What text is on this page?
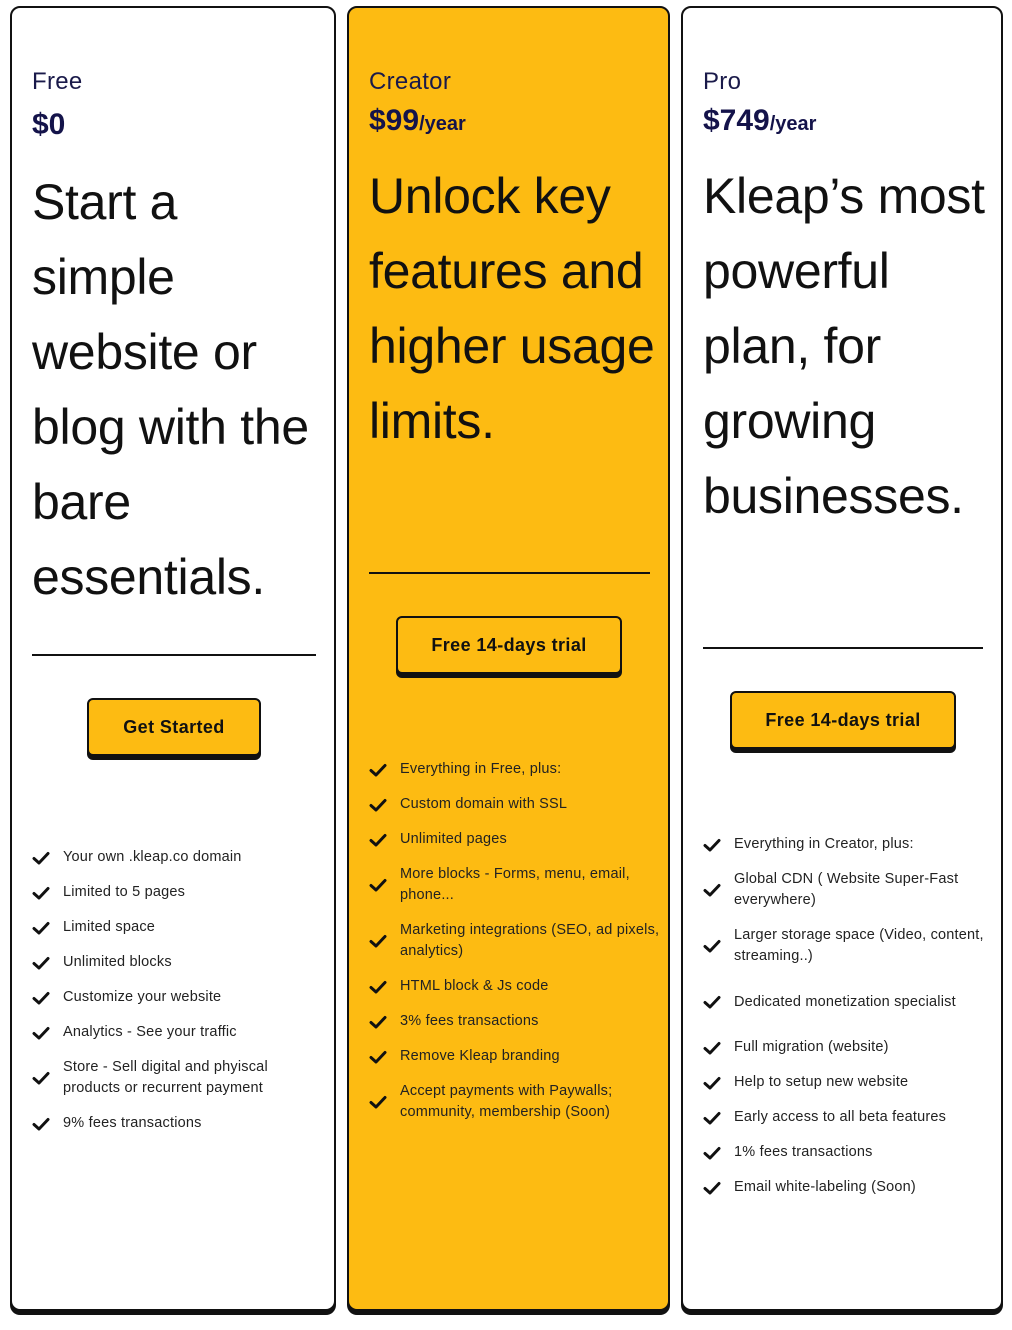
Free
$0
Start a simple website or blog with the bare essentials.
Get Started
Your own .kleap.co domain
Limited to 5 pages
Limited space
Unlimited blocks
Customize your website
Analytics - See your traffic
Store - Sell digital and phyiscal products or recurrent payment
9% fees transactions
Creator
$99/year
Unlock key features and higher usage limits.
Free 14-days trial
Everything in Free, plus:
Custom domain with SSL
Unlimited pages
More blocks - Forms, menu, email, phone...
Marketing integrations (SEO, ad pixels, analytics)
HTML block & Js code
3% fees transactions
Remove Kleap branding
Accept payments with Paywalls; community, membership (Soon)
Pro
$749/year
Kleap’s most powerful plan, for growing businesses.
Free 14-days trial
Everything in Creator, plus:
Global CDN ( Website Super-Fast everywhere)
Larger storage space (Video, content, streaming..)
Dedicated monetization specialist
Full migration (website)
Help to setup new website
Early access to all beta features
1% fees transactions
Email white-labeling (Soon)
